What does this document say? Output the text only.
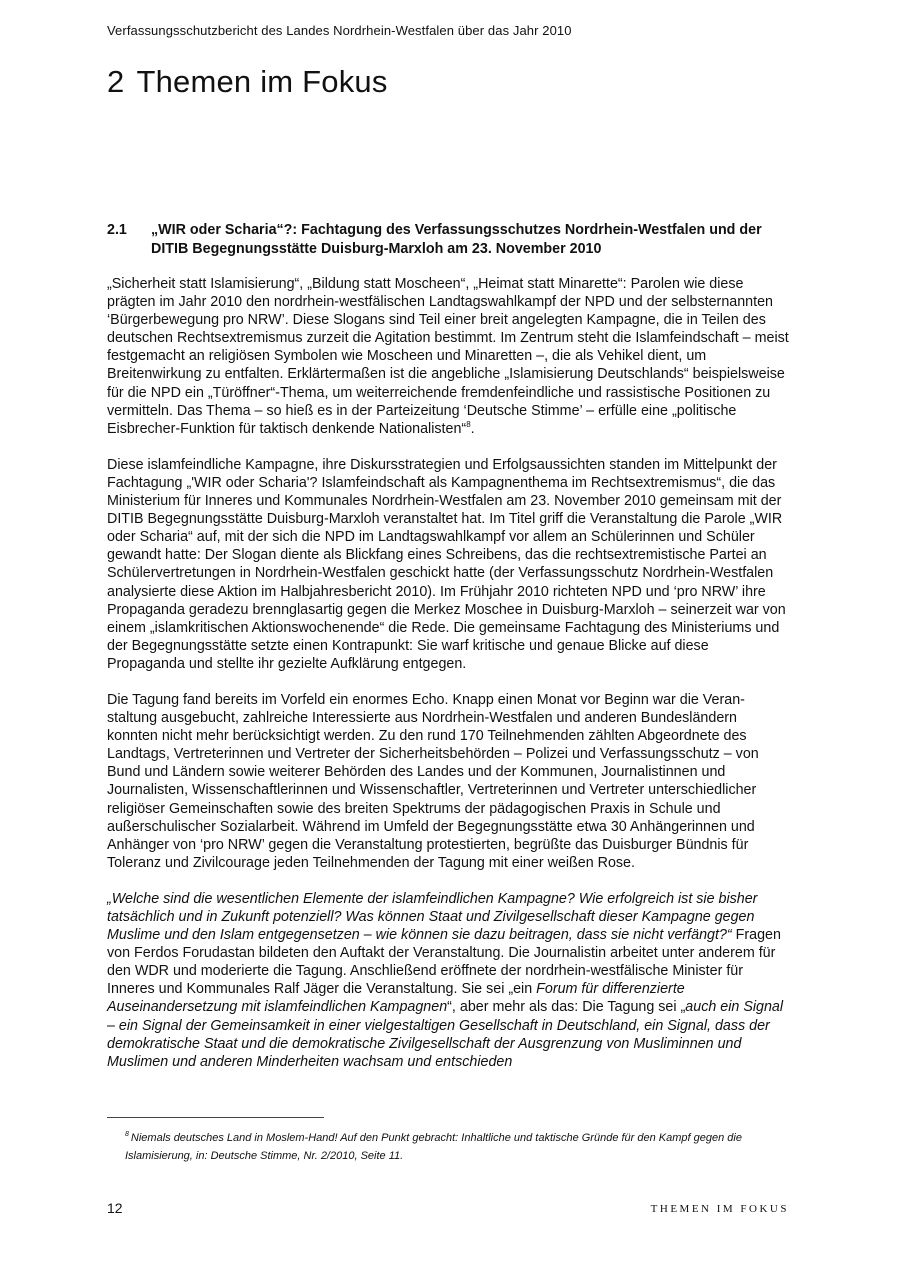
Verfassungsschutzbericht des Landes Nordrhein-Westfalen über das Jahr 2010
2 Themen im Fokus
2.1 „WIR oder Scharia“?: Fachtagung des Verfassungsschutzes Nordrhein-Westfalen und der DITIB Begegnungsstätte Duisburg-Marxloh am 23. November 2010

„Sicherheit statt Islamisierung“, „Bildung statt Moscheen“, „Heimat statt Minarette“: Parolen wie diese prägten im Jahr 2010 den nordrhein-westfälischen Landtagswahlkampf der NPD und der selbsternannten ‘Bürgerbewegung pro NRW’. Diese Slogans sind Teil einer breit angelegten Kampagne, die in Teilen des deutschen Rechtsextremismus zurzeit die Agitation bestimmt. Im Zentrum steht die Islamfeindschaft – meist festgemacht an religiösen Symbolen wie Moscheen und Minaretten –, die als Vehikel dient, um Breitenwirkung zu entfalten. Erklärtermaßen ist die angebliche „Islamisierung Deutschlands“ beispielsweise für die NPD ein „Türöffner“-Thema, um weiterreichende fremdenfeindliche und rassistische Positionen zu vermitteln. Das Thema – so hieß es in der Parteizeitung ‘Deutsche Stimme’ – erfülle eine „politische Eisbrecher-Funktion für taktisch denkende Nationalisten“$^8$.

Diese islamfeindliche Kampagne, ihre Diskursstrategien und Erfolgsaussichten standen im Mittelpunkt der Fachtagung „'WIR oder Scharia'? Islamfeindschaft als Kampagnenthema im Rechtsextremismus“, die das Ministerium für Inneres und Kommunales Nordrhein-Westfalen am 23. November 2010 gemeinsam mit der DITIB Begegnungsstätte Duisburg-Marxloh veranstaltet hat. Im Titel griff die Veranstaltung die Parole „WIR oder Scharia“ auf, mit der sich die NPD im Landtagswahlkampf vor allem an Schülerinnen und Schüler gewandt hatte: Der Slogan diente als Blickfang eines Schreibens, das die rechtsextremistische Partei an Schülervertretungen in Nordrhein-Westfalen geschickt hatte (der Verfassungsschutz Nordrhein-Westfalen analysierte diese Aktion im Halbjahresbericht 2010). Im Frühjahr 2010 richteten NPD und ‘pro NRW’ ihre Propaganda geradezu brennglasartig gegen die Merkez Moschee in Duisburg-Marxloh – seinerzeit war von einem „islamkritischen Aktionswochenende“ die Rede. Die gemeinsame Fachtagung des Ministeriums und der Begegnungsstätte setzte einen Kontrapunkt: Sie warf kritische und genaue Blicke auf diese Propaganda und stellte ihr gezielte Aufklärung entgegen.

Die Tagung fand bereits im Vorfeld ein enormes Echo. Knapp einen Monat vor Beginn war die Veranstaltung ausgebucht, zahlreiche Interessierte aus Nordrhein-Westfalen und anderen Bundesländern konnten nicht mehr berücksichtigt werden. Zu den rund 170 Teilnehmenden zählten Abgeordnete des Landtags, Vertreterinnen und Vertreter der Sicherheitsbehörden – Polizei und Verfassungsschutz – von Bund und Ländern sowie weiterer Behörden des Landes und der Kommunen, Journalistinnen und Journalisten, Wissenschaftlerinnen und Wissenschaftler, Vertreterinnen und Vertreter unterschiedlicher religiöser Gemeinschaften sowie des breiten Spektrums der pädagogischen Praxis in Schule und außerschulischer Sozialarbeit. Während im Umfeld der Begegnungsstätte etwa 30 Anhängerinnen und Anhänger von ‘pro NRW’ gegen die Veranstaltung protestierten, begrüßte das Duisburger Bündnis für Toleranz und Zivilcourage jeden Teilnehmenden der Tagung mit einer weißen Rose.

„Welche sind die wesentlichen Elemente der islamfeindlichen Kampagne? Wie erfolgreich ist sie bisher tatsächlich und in Zukunft potenziell? Was können Staat und Zivilgesellschaft dieser Kampagne gegen Muslime und den Islam entgegensetzen – wie können sie dazu beitragen, dass sie nicht verfängt?“ Fragen von Ferdos Forudastan bildeten den Auftakt der Veranstaltung. Die Journalistin arbeitet unter anderem für den WDR und moderierte die Tagung. Anschließend eröffnete der nordrhein-westfälische Minister für Inneres und Kommunales Ralf Jäger die Veranstaltung. Sie sei „ein Forum für differenzierte Auseinandersetzung mit islamfeindlichen Kampagnen“, aber mehr als das: Die Tagung sei „auch ein Signal – ein Signal der Gemeinsamkeit in einer vielgestaltigen Gesellschaft in Deutschland, ein Signal, dass der demokratische Staat und die demokratische Zivilgesellschaft der Ausgrenzung von Musliminnen und Muslimen und anderen Minderheiten wachsam und entschieden

$^8$ Niemals deutsches Land in Moslem-Hand! Auf den Punkt gebracht: Inhaltliche und taktische Gründe für den Kampf gegen die Islamisierung, in: Deutsche Stimme, Nr. 2/2010, Seite 11.
12	THEMEN IM FOKUS
